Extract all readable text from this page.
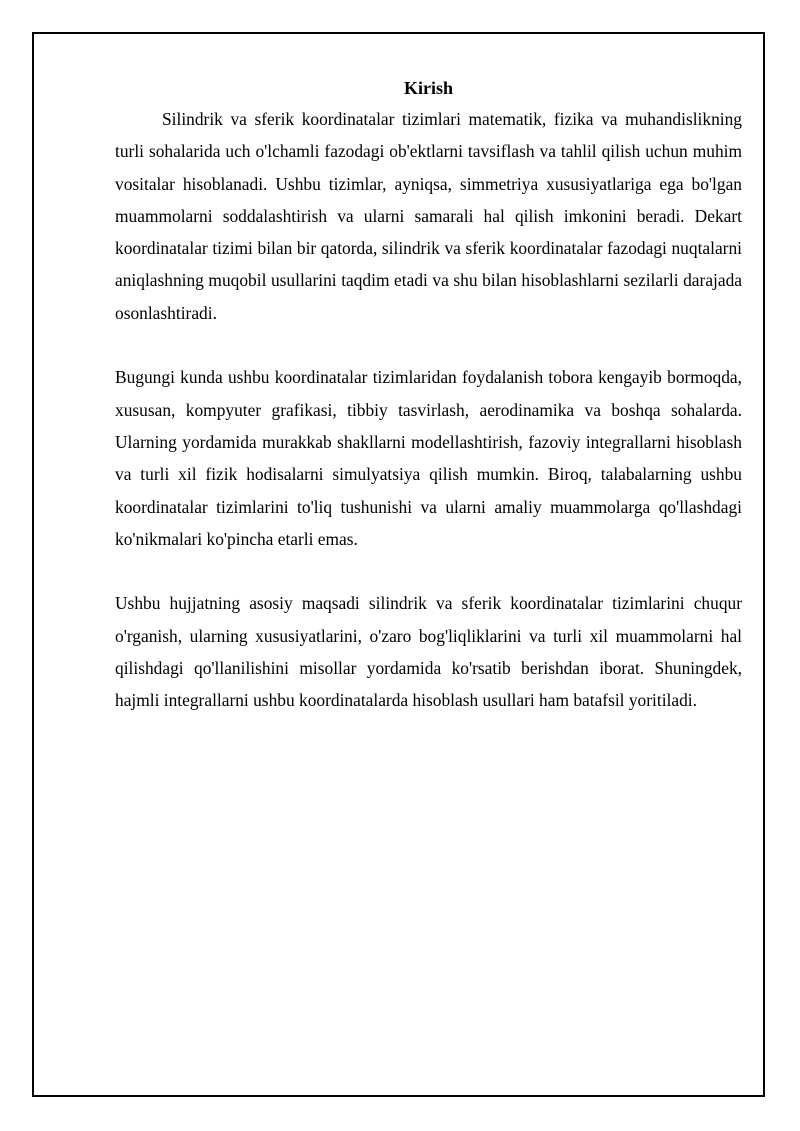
Kirish

Silindrik va sferik koordinatalar tizimlari matematik, fizika va muhandislikning turli sohalarida uch o'lchamli fazodagi ob'ektlarni tavsiflash va tahlil qilish uchun muhim vositalar hisoblanadi. Ushbu tizimlar, ayniqsa, simmetriya xususiyatlariga ega bo'lgan muammolarni soddalashtirish va ularni samarali hal qilish imkonini beradi. Dekart koordinatalar tizimi bilan bir qatorda, silindrik va sferik koordinatalar fazodagi nuqtalarni aniqlashning muqobil usullarini taqdim etadi va shu bilan hisoblashlarni sezilarli darajada osonlashtiradi.

Bugungi kunda ushbu koordinatalar tizimlaridan foydalanish tobora kengayib bormoqda, xususan, kompyuter grafikasi, tibbiy tasvirlash, aerodinamika va boshqa sohalarda. Ularning yordamida murakkab shakllarni modellashtirish, fazoviy integrallarni hisoblash va turli xil fizik hodisalarni simulyatsiya qilish mumkin. Biroq, talabalarning ushbu koordinatalar tizimlarini to'liq tushunishi va ularni amaliy muammolarga qo'llashdagi ko'nikmalari ko'pincha etarli emas.

Ushbu hujjatning asosiy maqsadi silindrik va sferik koordinatalar tizimlarini chuqur o'rganish, ularning xususiyatlarini, o'zaro bog'liqliklarini va turli xil muammolarni hal qilishdagi qo'llanilishini misollar yordamida ko'rsatib berishdan iborat. Shuningdek, hajmli integrallarni ushbu koordinatalarda hisoblash usullari ham batafsil yoritiladi.
